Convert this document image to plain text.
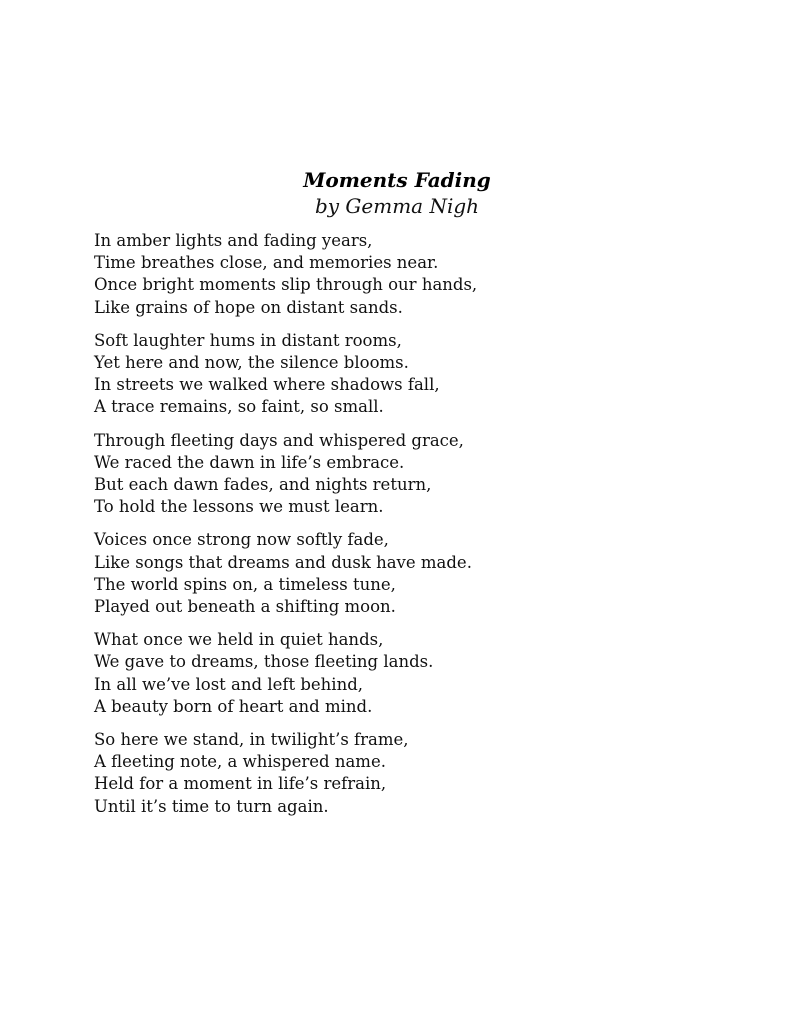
Moments Fading
by Gemma Nigh
In amber lights and fading years,
Time breathes close, and memories near.
Once bright moments slip through our hands,
Like grains of hope on distant sands.
Soft laughter hums in distant rooms,
Yet here and now, the silence blooms.
In streets we walked where shadows fall,
A trace remains, so faint, so small.
Through fleeting days and whispered grace,
We raced the dawn in life’s embrace.
But each dawn fades, and nights return,
To hold the lessons we must learn.
Voices once strong now softly fade,
Like songs that dreams and dusk have made.
The world spins on, a timeless tune,
Played out beneath a shifting moon.
What once we held in quiet hands,
We gave to dreams, those fleeting lands.
In all we’ve lost and left behind,
A beauty born of heart and mind.
So here we stand, in twilight’s frame,
A fleeting note, a whispered name.
Held for a moment in life’s refrain,
Until it’s time to turn again.
